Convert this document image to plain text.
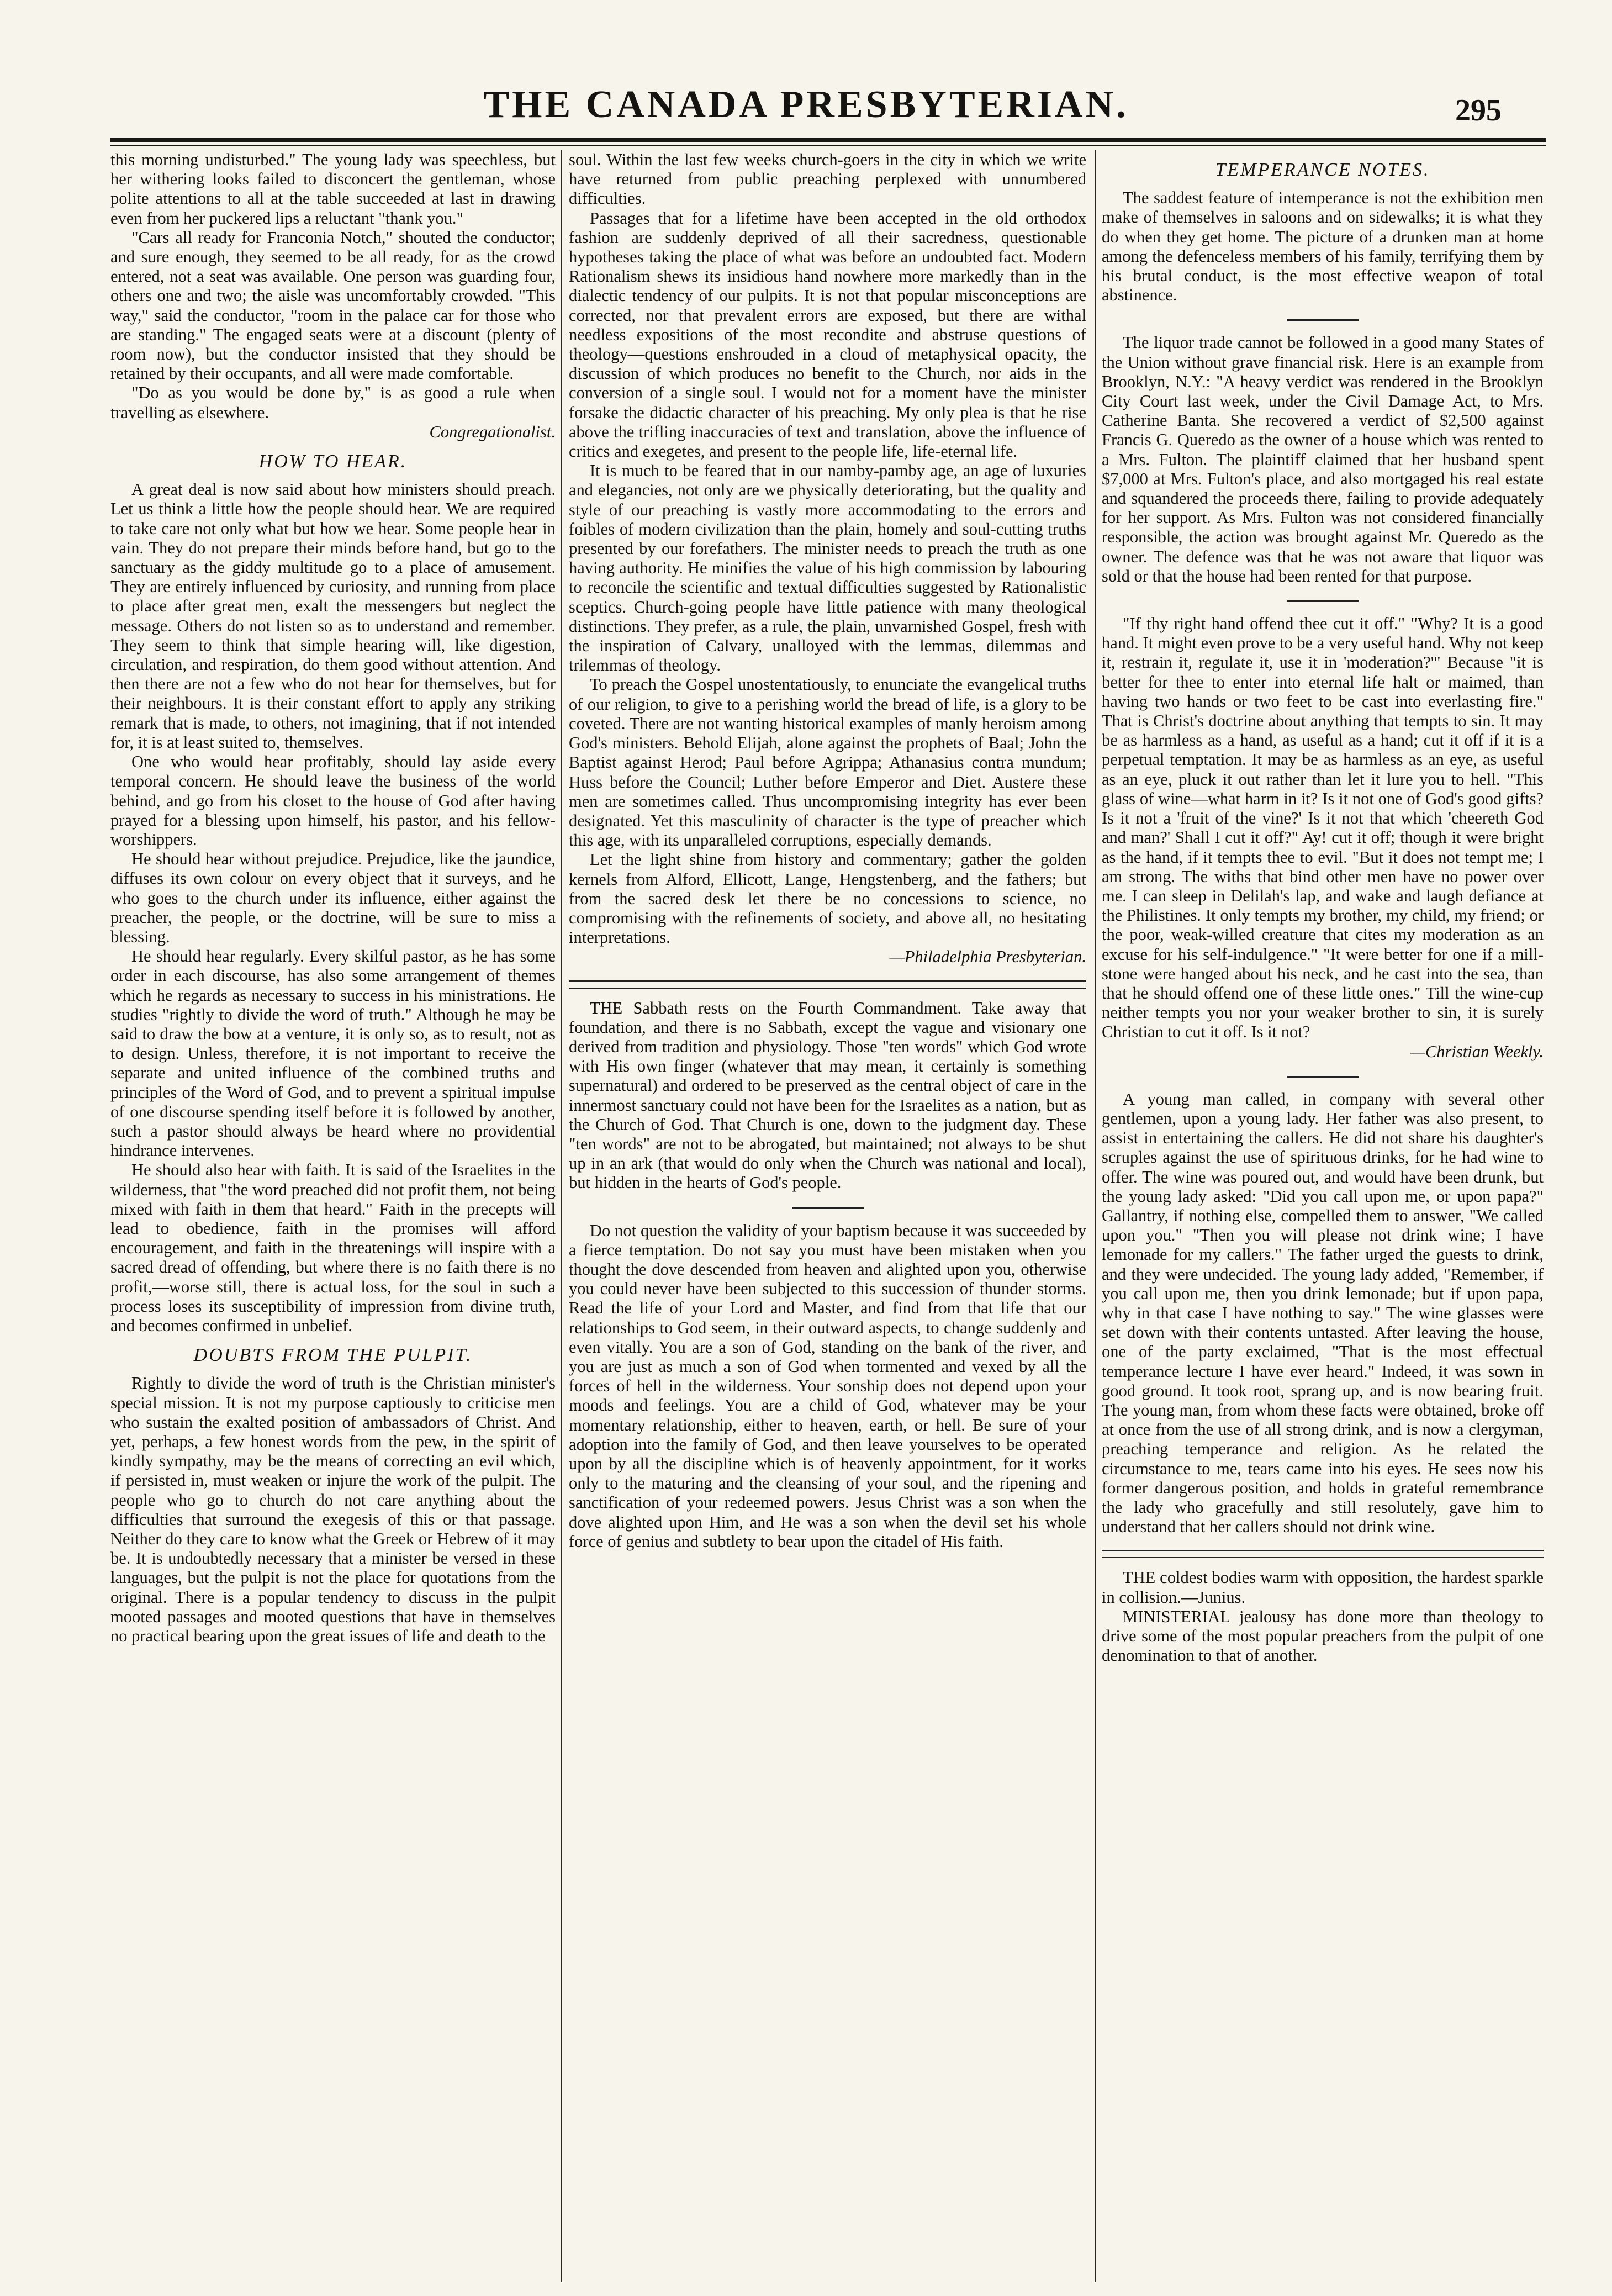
THE CANADA PRESBYTERIAN.	295

this morning undisturbed." The young lady was speechless, but her withering looks failed to disconcert the gentleman, whose polite attentions to all at the table succeeded at last in drawing even from her puckered lips a reluctant "thank you."

"Cars all ready for Franconia Notch," shouted the conductor; and sure enough, they seemed to be all ready, for as the crowd entered, not a seat was available. One person was guarding four, others one and two; the aisle was uncomfortably crowded. "This way," said the conductor, "room in the palace car for those who are standing." The engaged seats were at a discount (plenty of room now), but the conductor insisted that they should be retained by their occupants, and all were made comfortable.

"Do as you would be done by," is as good a rule when travelling as elsewhere.

Congregationalist.
HOW TO HEAR.

A great deal is now said about how ministers should preach. Let us think a little how the people should hear. We are required to take care not only what but how we hear. Some people hear in vain. They do not prepare their minds before hand, but go to the sanctuary as the giddy multitude go to a place of amusement. They are entirely influenced by curiosity, and running from place to place after great men, exalt the messengers but neglect the message. Others do not listen so as to understand and remember. They seem to think that simple hearing will, like digestion, circulation, and respiration, do them good without attention. And then there are not a few who do not hear for themselves, but for their neighbours. It is their constant effort to apply any striking remark that is made, to others, not imagining, that if not intended for, it is at least suited to, themselves.

One who would hear profitably, should lay aside every temporal concern. He should leave the business of the world behind, and go from his closet to the house of God after having prayed for a blessing upon himself, his pastor, and his fellow-worshippers.

He should hear without prejudice. Prejudice, like the jaundice, diffuses its own colour on every object that it surveys, and he who goes to the church under its influence, either against the preacher, the people, or the doctrine, will be sure to miss a blessing.

He should hear regularly. Every skilful pastor, as he has some order in each discourse, has also some arrangement of themes which he regards as necessary to success in his ministrations. He studies "rightly to divide the word of truth." Although he may be said to draw the bow at a venture, it is only so, as to result, not as to design. Unless, therefore, it is not important to receive the separate and united influence of the combined truths and principles of the Word of God, and to prevent a spiritual impulse of one discourse spending itself before it is followed by another, such a pastor should always be heard where no providential hindrance intervenes.

He should also hear with faith. It is said of the Israelites in the wilderness, that "the word preached did not profit them, not being mixed with faith in them that heard." Faith in the precepts will lead to obedience, faith in the promises will afford encouragement, and faith in the threatenings will inspire with a sacred dread of offending, but where there is no faith there is no profit,—worse still, there is actual loss, for the soul in such a process loses its susceptibility of impression from divine truth, and becomes confirmed in unbelief.

DOUBTS FROM THE PULPIT.

Rightly to divide the word of truth is the Christian minister's special mission. It is not my purpose captiously to criticise men who sustain the exalted position of ambassadors of Christ. And yet, perhaps, a few honest words from the pew, in the spirit of kindly sympathy, may be the means of correcting an evil which, if persisted in, must weaken or injure the work of the pulpit. The people who go to church do not care anything about the difficulties that surround the exegesis of this or that passage. Neither do they care to know what the Greek or Hebrew of it may be. It is undoubtedly necessary that a minister be versed in these languages, but the pulpit is not the place for quotations from the original. There is a popular tendency to discuss in the pulpit mooted passages and mooted questions that have in themselves no practical bearing upon the great issues of life and death to the

soul. Within the last few weeks church-goers in the city in which we write have returned from public preaching perplexed with unnumbered difficulties.

Passages that for a lifetime have been accepted in the old orthodox fashion are suddenly deprived of all their sacredness, questionable hypotheses taking the place of what was before an undoubted fact. Modern Rationalism shews its insidious hand nowhere more markedly than in the dialectic tendency of our pulpits. It is not that popular misconceptions are corrected, nor that prevalent errors are exposed, but there are withal needless expositions of the most recondite and abstruse questions of theology—questions enshrouded in a cloud of metaphysical opacity, the discussion of which produces no benefit to the Church, nor aids in the conversion of a single soul. I would not for a moment have the minister forsake the didactic character of his preaching. My only plea is that he rise above the trifling inaccuracies of text and translation, above the influence of critics and exegetes, and present to the people life, life-eternal life.

It is much to be feared that in our namby-pamby age, an age of luxuries and elegancies, not only are we physically deteriorating, but the quality and style of our preaching is vastly more accommodating to the errors and foibles of modern civilization than the plain, homely and soul-cutting truths presented by our forefathers. The minister needs to preach the truth as one having authority. He minifies the value of his high commission by labouring to reconcile the scientific and textual difficulties suggested by Rationalistic sceptics. Church-going people have little patience with many theological distinctions. They prefer, as a rule, the plain, unvarnished Gospel, fresh with the inspiration of Calvary, unalloyed with the lemmas, dilemmas and trilemmas of theology.

To preach the Gospel unostentatiously, to enunciate the evangelical truths of our religion, to give to a perishing world the bread of life, is a glory to be coveted. There are not wanting historical examples of manly heroism among God's ministers. Behold Elijah, alone against the prophets of Baal; John the Baptist against Herod; Paul before Agrippa; Athanasius contra mundum; Huss before the Council; Luther before Emperor and Diet. Austere these men are sometimes called. Thus uncompromising integrity has ever been designated. Yet this masculinity of character is the type of preacher which this age, with its unparalleled corruptions, especially demands.

Let the light shine from history and commentary; gather the golden kernels from Alford, Ellicott, Lange, Hengstenberg, and the fathers; but from the sacred desk let there be no concessions to science, no compromising with the refinements of society, and above all, no hesitating interpretations.

—Philadelphia Presbyterian.

THE Sabbath rests on the Fourth Commandment. Take away that foundation, and there is no Sabbath, except the vague and visionary one derived from tradition and physiology. Those "ten words" which God wrote with His own finger (whatever that may mean, it certainly is something supernatural) and ordered to be preserved as the central object of care in the innermost sanctuary could not have been for the Israelites as a nation, but as the Church of God. That Church is one, down to the judgment day. These "ten words" are not to be abrogated, but maintained; not always to be shut up in an ark (that would do only when the Church was national and local), but hidden in the hearts of God's people.

Do not question the validity of your baptism because it was succeeded by a fierce temptation. Do not say you must have been mistaken when you thought the dove descended from heaven and alighted upon you, otherwise you could never have been subjected to this succession of thunder storms. Read the life of your Lord and Master, and find from that life that our relationships to God seem, in their outward aspects, to change suddenly and even vitally. You are a son of God, standing on the bank of the river, and you are just as much a son of God when tormented and vexed by all the forces of hell in the wilderness. Your sonship does not depend upon your moods and feelings. You are a child of God, whatever may be your momentary relationship, either to heaven, earth, or hell. Be sure of your adoption into the family of God, and then leave yourselves to be operated upon by all the discipline which is of heavenly appointment, for it works only to the maturing and the cleansing of your soul, and the ripening and sanctification of your redeemed powers. Jesus Christ was a son when the dove alighted upon Him, and He was a son when the devil set his whole force of genius and subtlety to bear upon the citadel of His faith.

TEMPERANCE NOTES.

The saddest feature of intemperance is not the exhibition men make of themselves in saloons and on sidewalks; it is what they do when they get home. The picture of a drunken man at home among the defenceless members of his family, terrifying them by his brutal conduct, is the most effective weapon of total abstinence.

The liquor trade cannot be followed in a good many States of the Union without grave financial risk. Here is an example from Brooklyn, N.Y.: "A heavy verdict was rendered in the Brooklyn City Court last week, under the Civil Damage Act, to Mrs. Catherine Banta. She recovered a verdict of $2,500 against Francis G. Queredo as the owner of a house which was rented to a Mrs. Fulton. The plaintiff claimed that her husband spent $7,000 at Mrs. Fulton's place, and also mortgaged his real estate and squandered the proceeds there, failing to provide adequately for her support. As Mrs. Fulton was not considered financially responsible, the action was brought against Mr. Queredo as the owner. The defence was that he was not aware that liquor was sold or that the house had been rented for that purpose.

"If thy right hand offend thee cut it off." "Why? It is a good hand. It might even prove to be a very useful hand. Why not keep it, restrain it, regulate it, use it in 'moderation?'" Because "it is better for thee to enter into eternal life halt or maimed, than having two hands or two feet to be cast into everlasting fire." That is Christ's doctrine about anything that tempts to sin. It may be as harmless as a hand, as useful as a hand; cut it off if it is a perpetual temptation. It may be as harmless as an eye, as useful as an eye, pluck it out rather than let it lure you to hell. "This glass of wine—what harm in it? Is it not one of God's good gifts? Is it not a 'fruit of the vine?' Is it not that which 'cheereth God and man?' Shall I cut it off?" Ay! cut it off; though it were bright as the hand, if it tempts thee to evil. "But it does not tempt me; I am strong. The withs that bind other men have no power over me. I can sleep in Delilah's lap, and wake and laugh defiance at the Philistines. It only tempts my brother, my child, my friend; or the poor, weak-willed creature that cites my moderation as an excuse for his self-indulgence." "It were better for one if a mill-stone were hanged about his neck, and he cast into the sea, than that he should offend one of these little ones." Till the wine-cup neither tempts you nor your weaker brother to sin, it is surely Christian to cut it off. Is it not?

—Christian Weekly.

A young man called, in company with several other gentlemen, upon a young lady. Her father was also present, to assist in entertaining the callers. He did not share his daughter's scruples against the use of spirituous drinks, for he had wine to offer. The wine was poured out, and would have been drunk, but the young lady asked: "Did you call upon me, or upon papa?" Gallantry, if nothing else, compelled them to answer, "We called upon you." "Then you will please not drink wine; I have lemonade for my callers." The father urged the guests to drink, and they were undecided. The young lady added, "Remember, if you call upon me, then you drink lemonade; but if upon papa, why in that case I have nothing to say." The wine glasses were set down with their contents untasted. After leaving the house, one of the party exclaimed, "That is the most effectual temperance lecture I have ever heard." Indeed, it was sown in good ground. It took root, sprang up, and is now bearing fruit. The young man, from whom these facts were obtained, broke off at once from the use of all strong drink, and is now a clergyman, preaching temperance and religion. As he related the circumstance to me, tears came into his eyes. He sees now his former dangerous position, and holds in grateful remembrance the lady who gracefully and still resolutely, gave him to understand that her callers should not drink wine.

THE coldest bodies warm with opposition, the hardest sparkle in collision.—Junius.

MINISTERIAL jealousy has done more than theology to drive some of the most popular preachers from the pulpit of one denomination to that of another.
